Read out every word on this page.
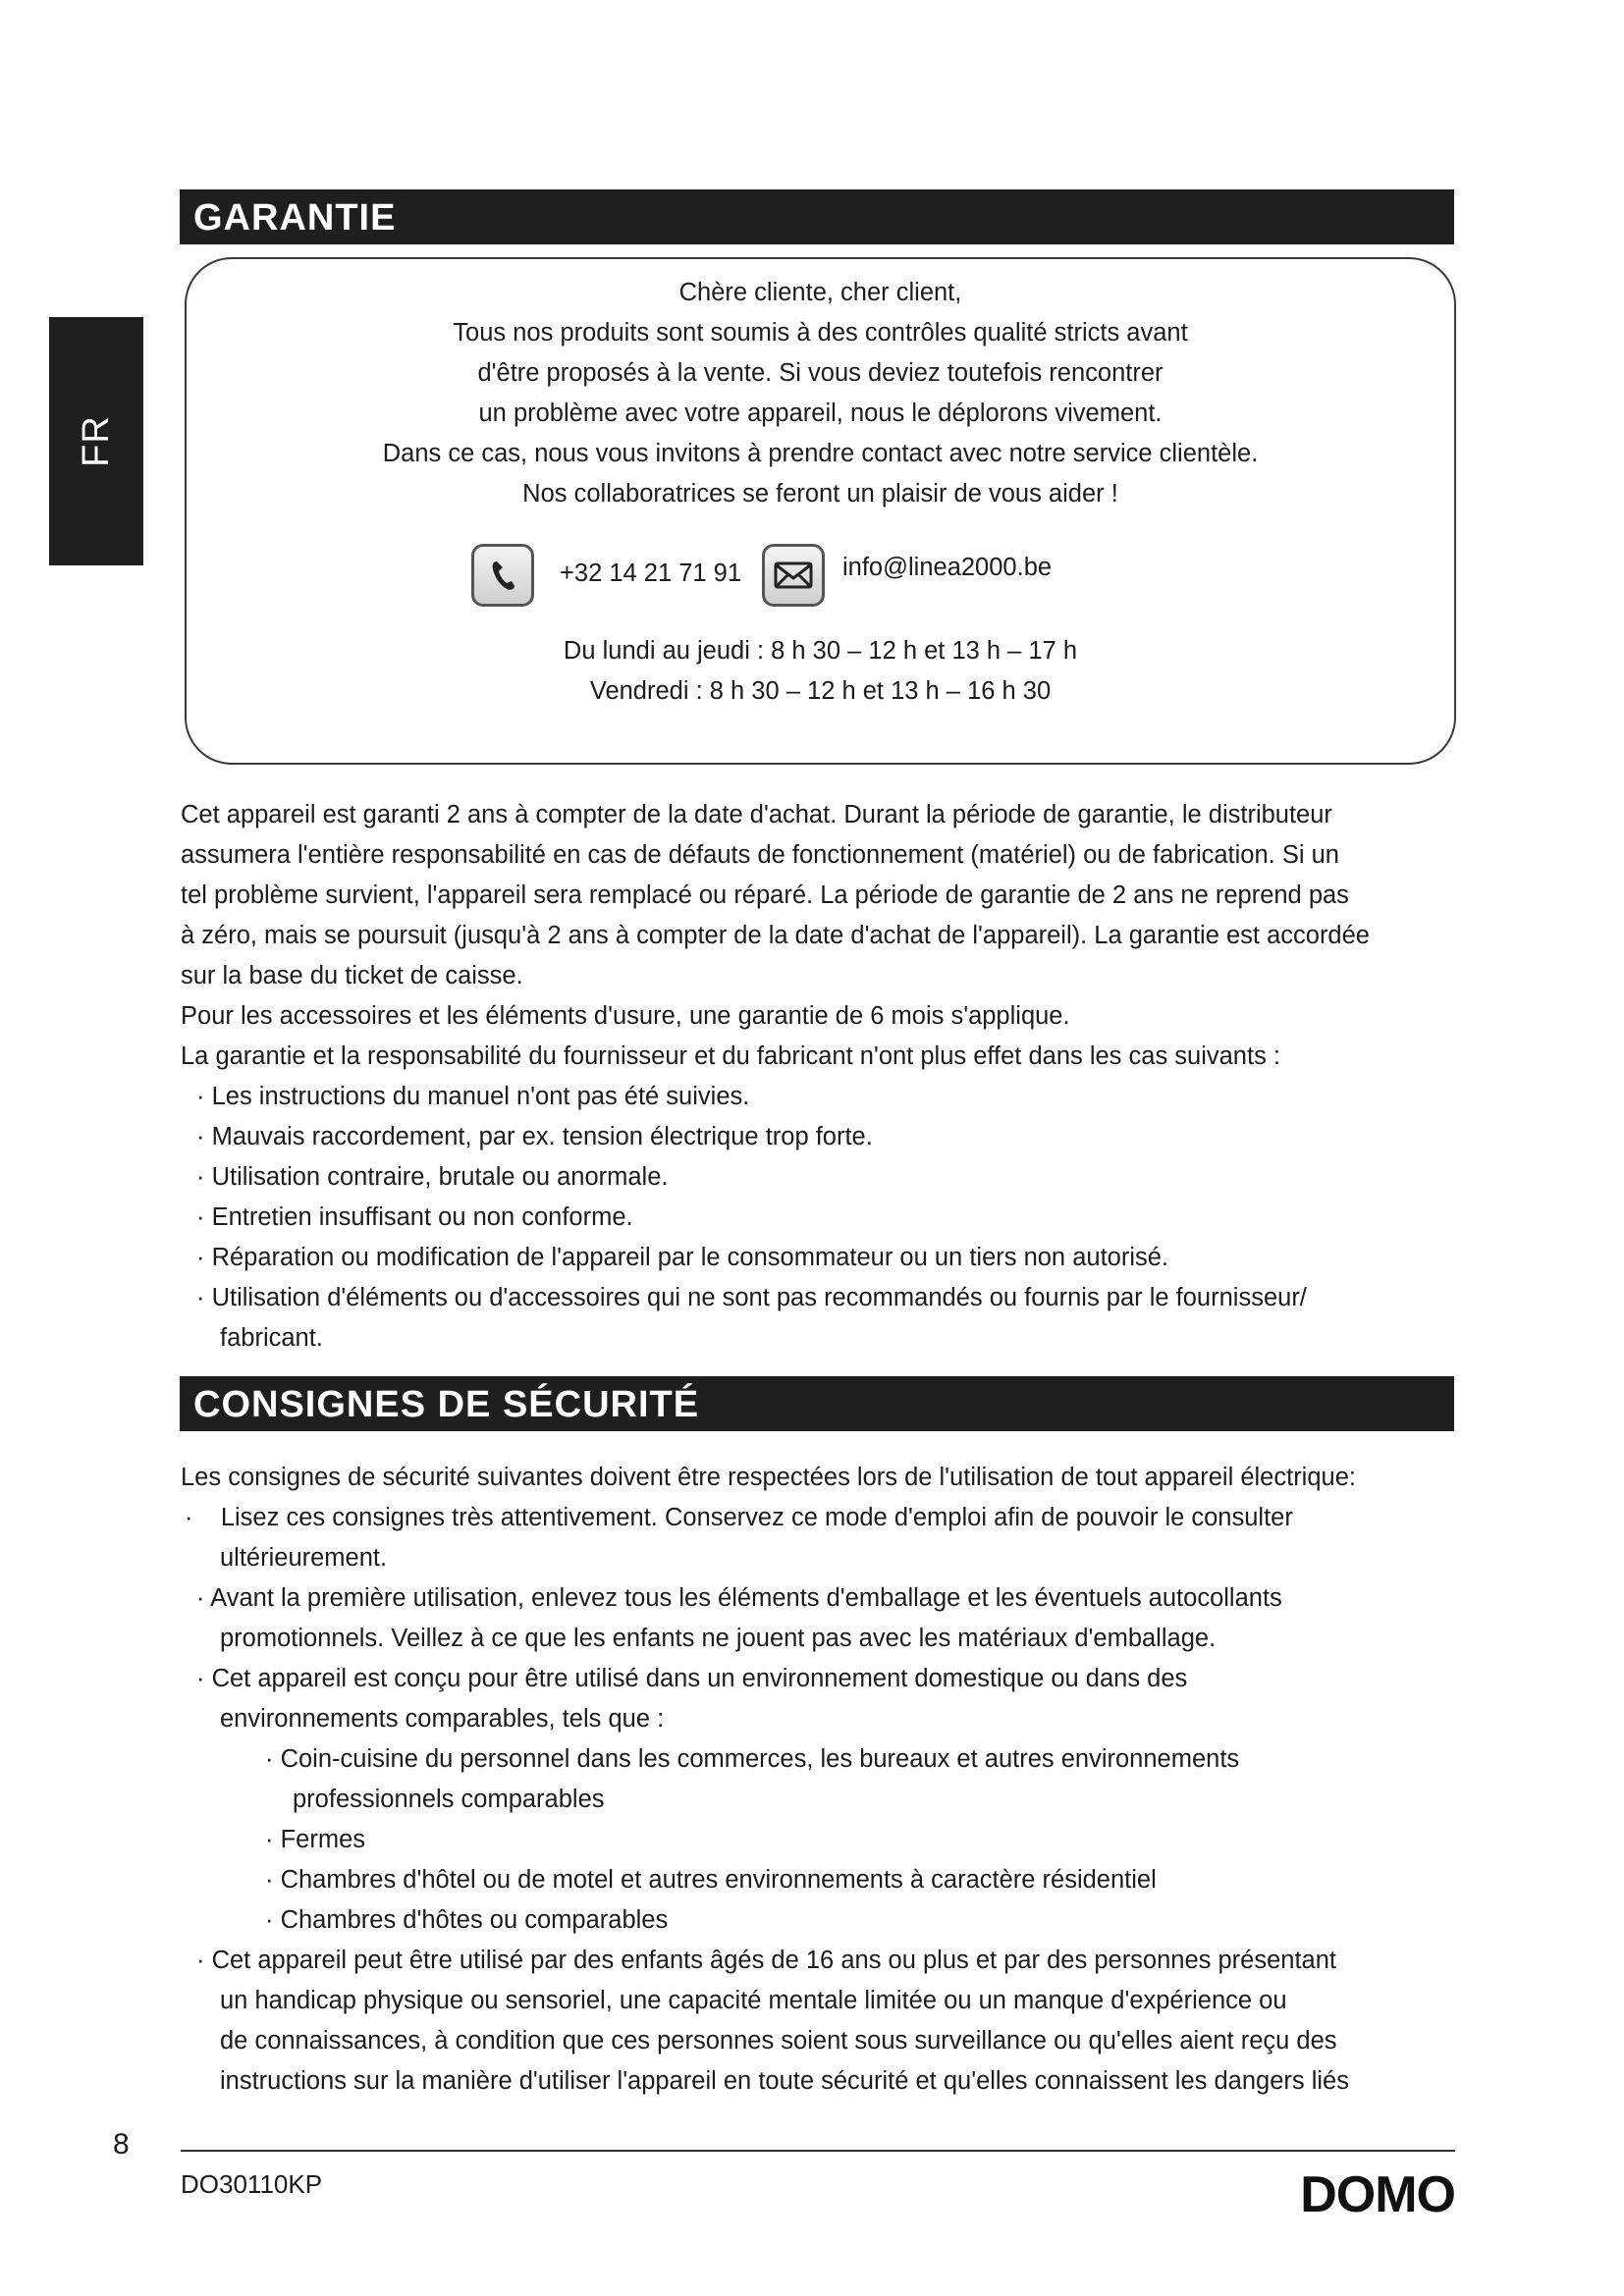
FR
GARANTIE
Chère cliente, cher client,
Tous nos produits sont soumis à des contrôles qualité stricts avant
d'être proposés à la vente. Si vous deviez toutefois rencontrer
un problème avec votre appareil, nous le déplorons vivement.
Dans ce cas, nous vous invitons à prendre contact avec notre service clientèle.
Nos collaboratrices se feront un plaisir de vous aider !
+32 14 21 71 91	info@linea2000.be
Du lundi au jeudi : 8 h 30 – 12 h et 13 h – 17 h
Vendredi : 8 h 30 – 12 h et 13 h – 16 h 30
Cet appareil est garanti 2 ans à compter de la date d'achat. Durant la période de garantie, le distributeur
assumera l'entière responsabilité en cas de défauts de fonctionnement (matériel) ou de fabrication. Si un
tel problème survient, l'appareil sera remplacé ou réparé. La période de garantie de 2 ans ne reprend pas
à zéro, mais se poursuit (jusqu'à 2 ans à compter de la date d'achat de l'appareil). La garantie est accordée
sur la base du ticket de caisse.
Pour les accessoires et les éléments d'usure, une garantie de 6 mois s'applique.
La garantie et la responsabilité du fournisseur et du fabricant n'ont plus effet dans les cas suivants :
· Les instructions du manuel n'ont pas été suivies.
· Mauvais raccordement, par ex. tension électrique trop forte.
· Utilisation contraire, brutale ou anormale.
· Entretien insuffisant ou non conforme.
· Réparation ou modification de l'appareil par le consommateur ou un tiers non autorisé.
· Utilisation d'éléments ou d'accessoires qui ne sont pas recommandés ou fournis par le fournisseur/
fabricant.
CONSIGNES DE SÉCURITÉ
Les consignes de sécurité suivantes doivent être respectées lors de l'utilisation de tout appareil électrique:
·    Lisez ces consignes très attentivement. Conservez ce mode d'emploi afin de pouvoir le consulter
ultérieurement.
· Avant la première utilisation, enlevez tous les éléments d'emballage et les éventuels autocollants
promotionnels. Veillez à ce que les enfants ne jouent pas avec les matériaux d'emballage.
· Cet appareil est conçu pour être utilisé dans un environnement domestique ou dans des
environnements comparables, tels que :
· Coin-cuisine du personnel dans les commerces, les bureaux et autres environnements
professionnels comparables
· Fermes
· Chambres d'hôtel ou de motel et autres environnements à caractère résidentiel
· Chambres d'hôtes ou comparables
· Cet appareil peut être utilisé par des enfants âgés de 16 ans ou plus et par des personnes présentant
un handicap physique ou sensoriel, une capacité mentale limitée ou un manque d'expérience ou
de connaissances, à condition que ces personnes soient sous surveillance ou qu'elles aient reçu des
instructions sur la manière d'utiliser l'appareil en toute sécurité et qu'elles connaissent les dangers liés
8
DO30110KP	DOMO
